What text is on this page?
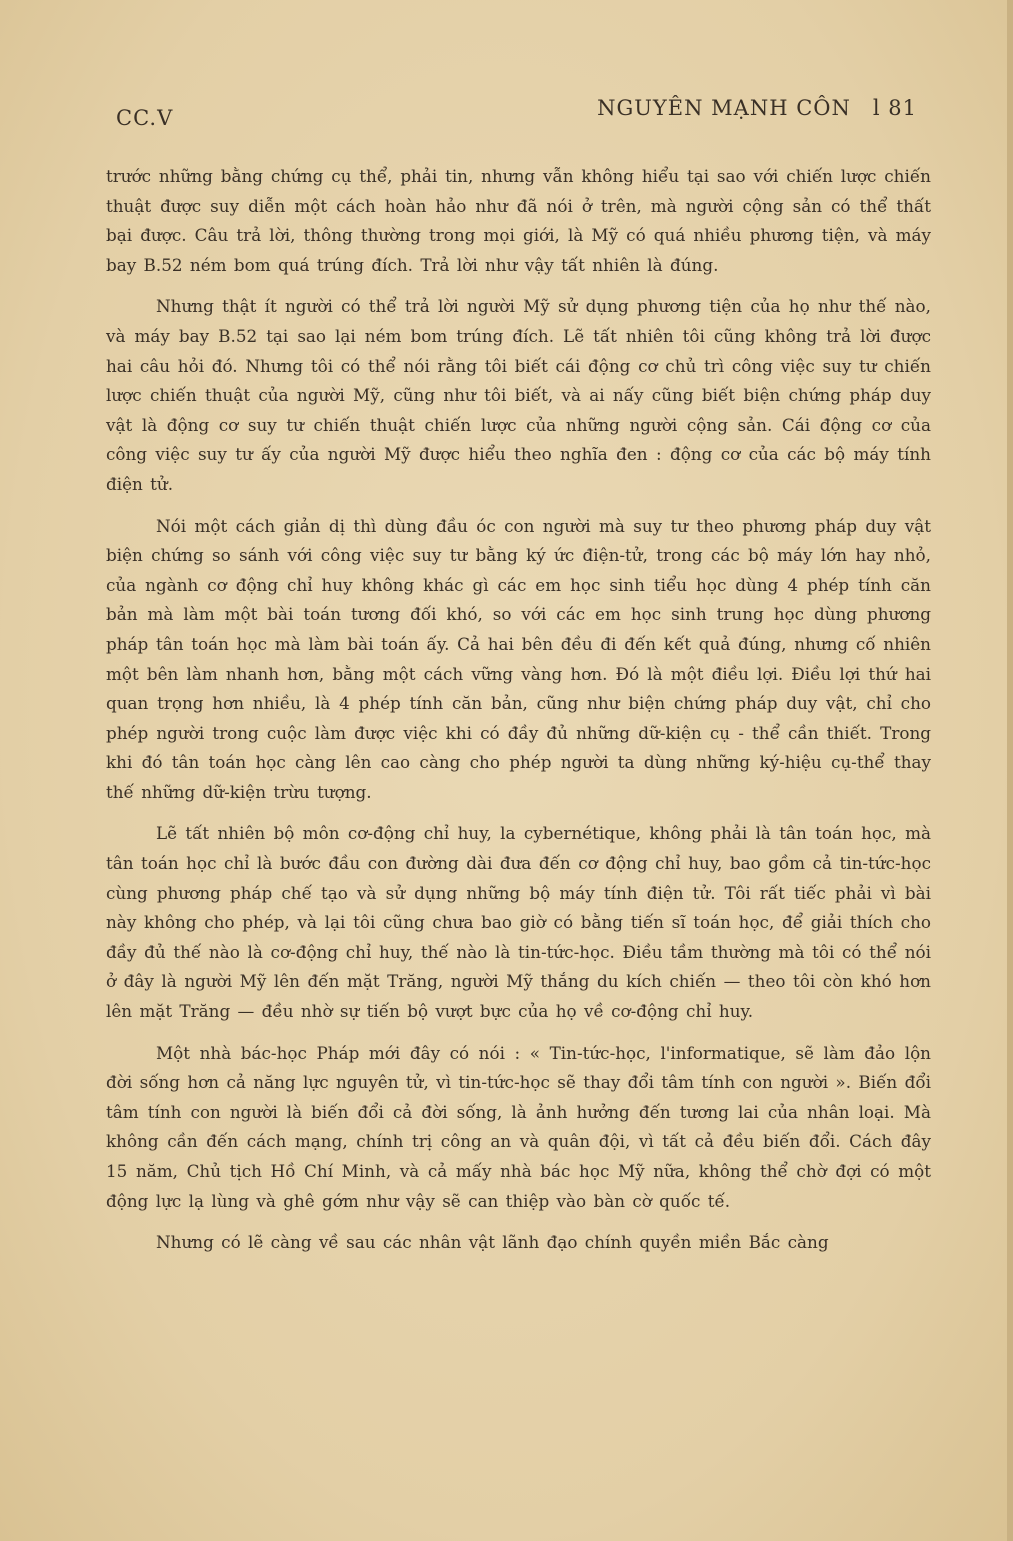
CC.V	NGUYÊN MẠNH CÔN l 81

trước những bằng chứng cụ thể, phải tin, nhưng vẫn không hiểu tại sao với chiến lược chiến thuật được suy diễn một cách hoàn hảo như đã nói ở trên, mà người cộng sản có thể thất bại được. Câu trả lời, thông thường trong mọi giới, là Mỹ có quá nhiều phương tiện, và máy bay B.52 ném bom quá trúng đích. Trả lời như vậy tất nhiên là đúng.

Nhưng thật ít người có thể trả lời người Mỹ sử dụng phương tiện của họ như thế nào, và máy bay B.52 tại sao lại ném bom trúng đích. Lẽ tất nhiên tôi cũng không trả lời được hai câu hỏi đó. Nhưng tôi có thể nói rằng tôi biết cái động cơ chủ trì công việc suy tư chiến lược chiến thuật của người Mỹ, cũng như tôi biết, và ai nấy cũng biết biện chứng pháp duy vật là động cơ suy tư chiến thuật chiến lược của những người cộng sản. Cái động cơ của công việc suy tư ấy của người Mỹ được hiểu theo nghĩa đen : động cơ của các bộ máy tính điện tử.

Nói một cách giản dị thì dùng đầu óc con người mà suy tư theo phương pháp duy vật biện chứng so sánh với công việc suy tư bằng ký ức điện-tử, trong các bộ máy lớn hay nhỏ, của ngành cơ động chỉ huy không khác gì các em học sinh tiểu học dùng 4 phép tính căn bản mà làm một bài toán tương đối khó, so với các em học sinh trung học dùng phương pháp tân toán học mà làm bài toán ấy. Cả hai bên đều đi đến kết quả đúng, nhưng cố nhiên một bên làm nhanh hơn, bằng một cách vững vàng hơn. Đó là một điều lợi. Điều lợi thứ hai quan trọng hơn nhiều, là 4 phép tính căn bản, cũng như biện chứng pháp duy vật, chỉ cho phép người trong cuộc làm được việc khi có đầy đủ những dữ-kiện cụ - thể cần thiết. Trong khi đó tân toán học càng lên cao càng cho phép người ta dùng những ký-hiệu cụ-thể thay thế những dữ-kiện trừu tượng.

Lẽ tất nhiên bộ môn cơ-động chỉ huy, la cybernétique, không phải là tân toán học, mà tân toán học chỉ là bước đầu con đường dài đưa đến cơ động chỉ huy, bao gồm cả tin-tức-học cùng phương pháp chế tạo và sử dụng những bộ máy tính điện tử. Tôi rất tiếc phải vì bài này không cho phép, và lại tôi cũng chưa bao giờ có bằng tiến sĩ toán học, để giải thích cho đầy đủ thế nào là cơ-động chỉ huy, thế nào là tin-tức-học. Điều tầm thường mà tôi có thể nói ở đây là người Mỹ lên đến mặt Trăng, người Mỹ thắng du kích chiến — theo tôi còn khó hơn lên mặt Trăng — đều nhờ sự tiến bộ vượt bực của họ về cơ-động chỉ huy.

Một nhà bác-học Pháp mới đây có nói : « Tin-tức-học, l'informatique, sẽ làm đảo lộn đời sống hơn cả năng lực nguyên tử, vì tin-tức-học sẽ thay đổi tâm tính con người ». Biến đổi tâm tính con người là biến đổi cả đời sống, là ảnh hưởng đến tương lai của nhân loại. Mà không cần đến cách mạng, chính trị công an và quân đội, vì tất cả đều biến đổi. Cách đây 15 năm, Chủ tịch Hồ Chí Minh, và cả mấy nhà bác học Mỹ nữa, không thể chờ đợi có một động lực lạ lùng và ghê gớm như vậy sẽ can thiệp vào bàn cờ quốc tế.

Nhưng có lẽ càng về sau các nhân vật lãnh đạo chính quyền miền Bắc càng
